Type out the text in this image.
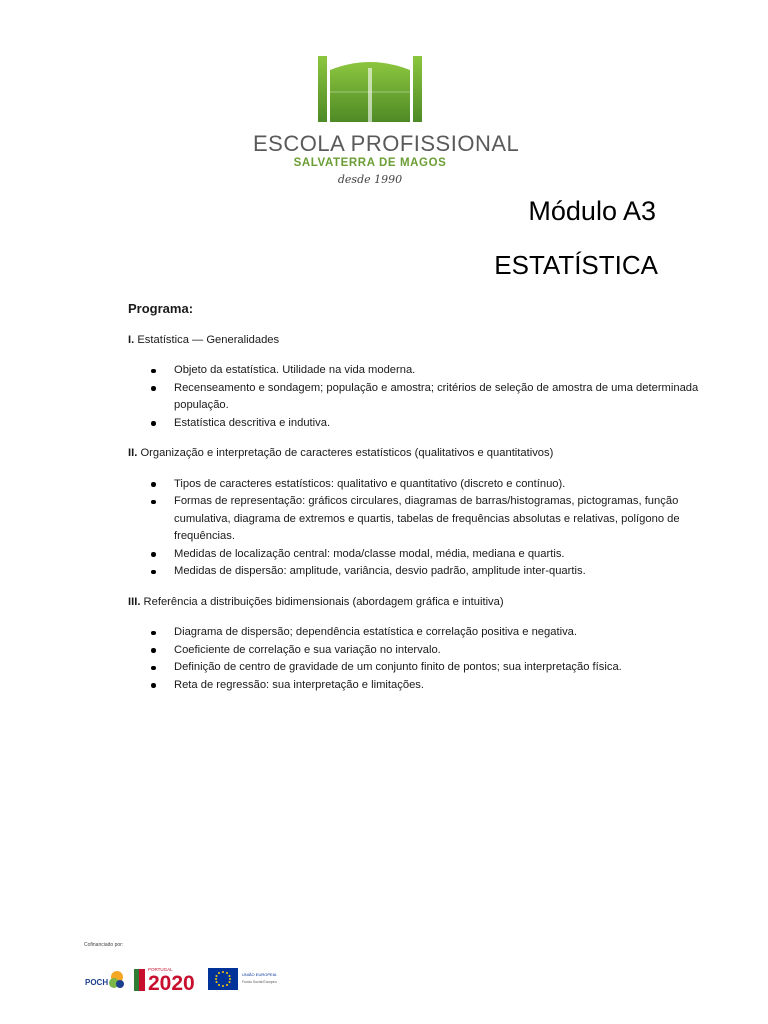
ESCOLA PROFISSIONAL
SALVATERRA DE MAGOS
desde 1990
Módulo A3
ESTATÍSTICA
Programa:
I. Estatística — Generalidades
Objeto da estatística. Utilidade na vida moderna.
Recenseamento e sondagem; população e amostra; critérios de seleção de amostra de uma determinada população.
Estatística descritiva e indutiva.
II. Organização e interpretação de caracteres estatísticos (qualitativos e quantitativos)
Tipos de caracteres estatísticos: qualitativo e quantitativo (discreto e contínuo).
Formas de representação: gráficos circulares, diagramas de barras/histogramas, pictogramas, função cumulativa, diagrama de extremos e quartis, tabelas de frequências absolutas e relativas, polígono de frequências.
Medidas de localização central: moda/classe modal, média, mediana e quartis.
Medidas de dispersão: amplitude, variância, desvio padrão, amplitude inter-quartis.
III. Referência a distribuições bidimensionais (abordagem gráfica e intuitiva)
Diagrama de dispersão; dependência estatística e correlação positiva e negativa.
Coeficiente de correlação e sua variação no intervalo.
Definição de centro de gravidade de um conjunto finito de pontos; sua interpretação física.
Reta de regressão: sua interpretação e limitações.
Cofinanciado por:
POCH
PORTUGAL
2020	UNIÃO EUROPEIA
Fundo Social Europeu
